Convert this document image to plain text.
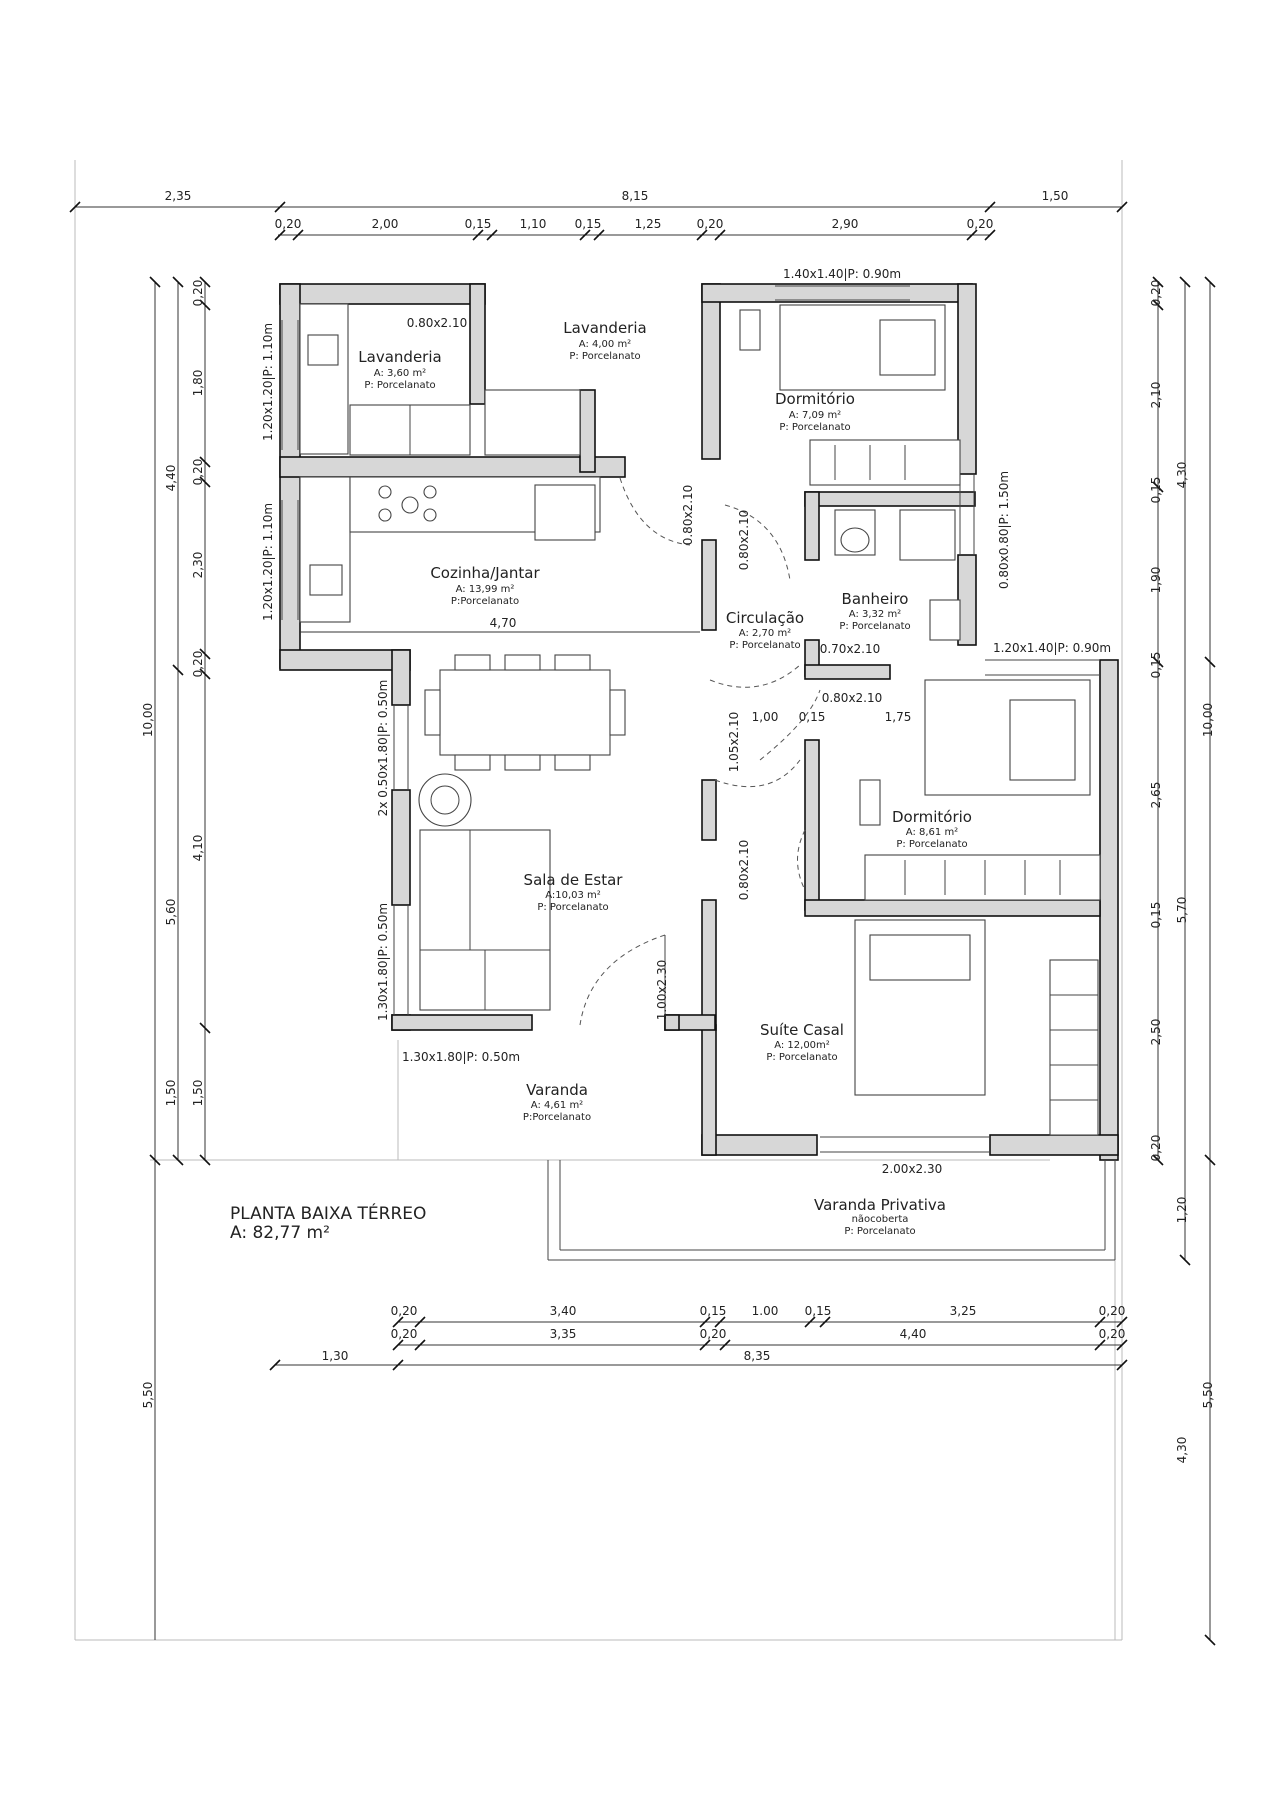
2,35	8,15	1,50
0,20	2,00	0,15 1,10 0,15	1,25	0,20	2,90	0,20
10,00
5,50
4,40
5,60
1,50
0,20
1,80
0,20
2,30
0,20
4,10
1,50
0,20
2,10
0,15
1,90
0,15
2,65
0,15
2,50
0,20
1,20
4,30
5,70
4,30
10,00
5,50
0,20	3,40	0,15 1.00 0,15	3,25	0,20
0,20	3,35	0,20	4,40	0,20
1,30	8,35
Lavanderia
A: 3,60 m²
P: Porcelanato
Lavanderia
A: 4,00 m²
P: Porcelanato
Dormitório
A: 7,09 m²
P: Porcelanato
Cozinha/Jantar
A: 13,99 m²
P:Porcelanato
Circulação
A: 2,70 m²
P: Porcelanato
Banheiro
A: 3,32 m²
P: Porcelanato
Dormitório
A: 8,61 m²
P: Porcelanato
Sala de Estar
A:10,03 m²
P: Porcelanato
Suíte Casal
A: 12,00m²
P: Porcelanato
Varanda
A: 4,61 m²
P:Porcelanato
Varanda Privativa
nãocoberta
P: Porcelanato
0.80x2.10
1.20x1.20|P: 1.10m
1.20x1.20|P: 1.10m
1.40x1.40|P: 0.90m
0.80x2.10	0.80x2.10	0.80x0.80|P: 1.50m
0.70x2.10	1.20x1.40|P: 0.90m
0.80x2.10
1.05x2.10
2x 0.50x1.80|P: 0.50m
1.30x1.80|P: 0.50m
1.30x1.80|P: 0.50m
0.80x2.10
1.00x2.30
2.00x2.30
4,70
1,00 0,15	1,75
PLANTA BAIXA TÉRREO
A: 82,77 m²
